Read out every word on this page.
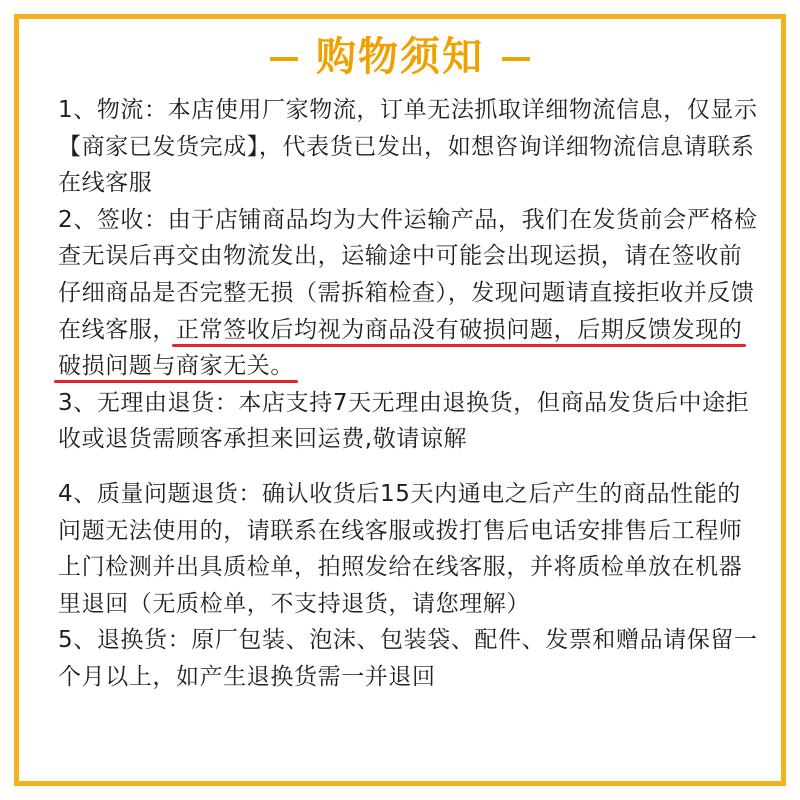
购物须知

1、物流：本店使用厂家物流，订单无法抓取详细物流信息，仅显示【商家已发货完成】，代表货已发出，如想咨询详细物流信息请联系在线客服

2、签收：由于店铺商品均为大件运输产品，我们在发货前会严格检查无误后再交由物流发出，运输途中可能会出现运损，请在签收前仔细商品是否完整无损（需拆箱检查），发现问题请直接拒收并反馈在线客服，正常签收后均视为商品没有破损问题，后期反馈发现的破损问题与商家无关。

3、无理由退货：本店支持7天无理由退换货，但商品发货后中途拒收或退货需顾客承担来回运费,敬请谅解

4、质量问题退货：确认收货后15天内通电之后产生的商品性能的问题无法使用的，请联系在线客服或拨打售后电话安排售后工程师上门检测并出具质检单，拍照发给在线客服，并将质检单放在机器里退回（无质检单，不支持退货，请您理解）

5、退换货：原厂包装、泡沫、包装袋、配件、发票和赠品请保留一个月以上，如产生退换货需一并退回
